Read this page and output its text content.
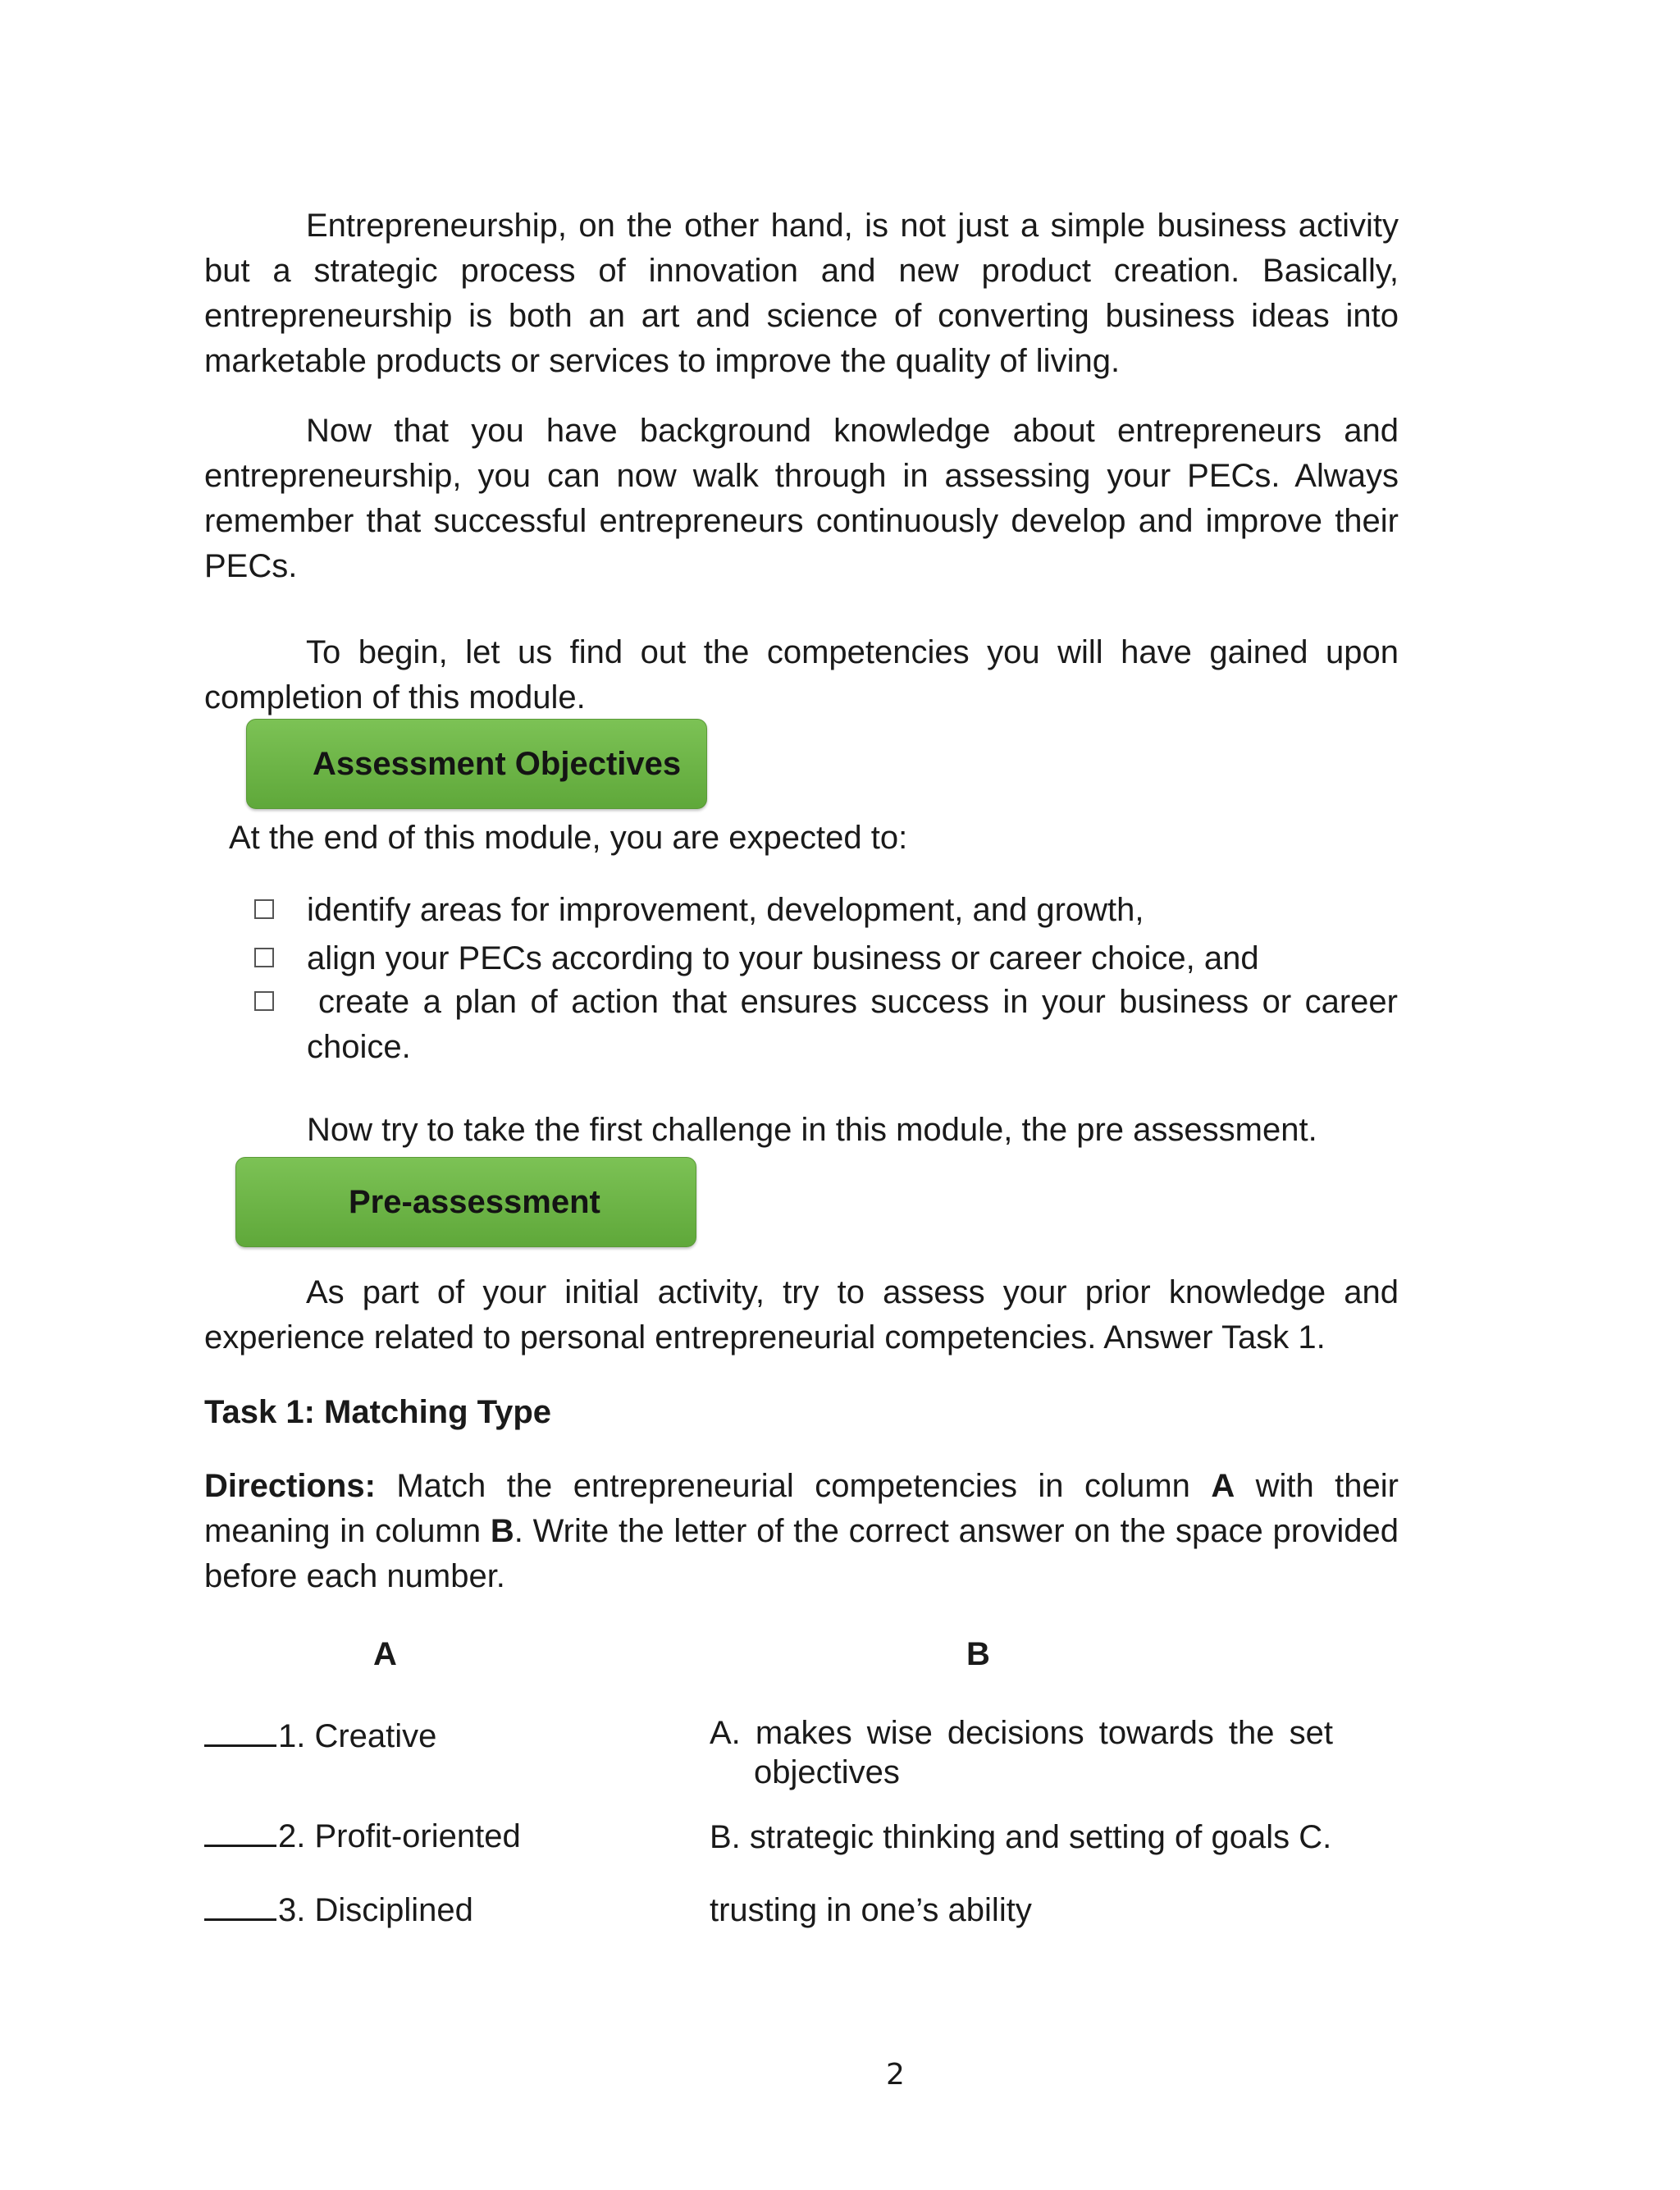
Entrepreneurship, on the other hand, is not just a simple business activity but a strategic process of innovation and new product creation. Basically, entrepreneurship is both an art and science of converting business ideas into marketable products or services to improve the quality of living.
Now that you have background knowledge about entrepreneurs and entrepreneurship, you can now walk through in assessing your PECs. Always remember that successful entrepreneurs continuously develop and improve their PECs.
To begin, let us find out the competencies you will have gained upon completion of this module.
Assessment Objectives
At the end of this module, you are expected to:
identify areas for improvement, development, and growth,
align your PECs according to your business or career choice, and
create a plan of action that ensures success in your business or career choice.
Now try to take the first challenge in this module, the pre assessment.
Pre-assessment
As part of your initial activity, try to assess your prior knowledge and experience related to personal entrepreneurial competencies. Answer Task 1.
Task 1: Matching Type
Directions: Match the entrepreneurial competencies in column A with their meaning in column B. Write the letter of the correct answer on the space provided before each number.
A	B
1. Creative
2. Profit-oriented
3. Disciplined
A. makes wise decisions towards the set
objectives
B. strategic thinking and setting of goals C.
trusting in one’s ability
2
